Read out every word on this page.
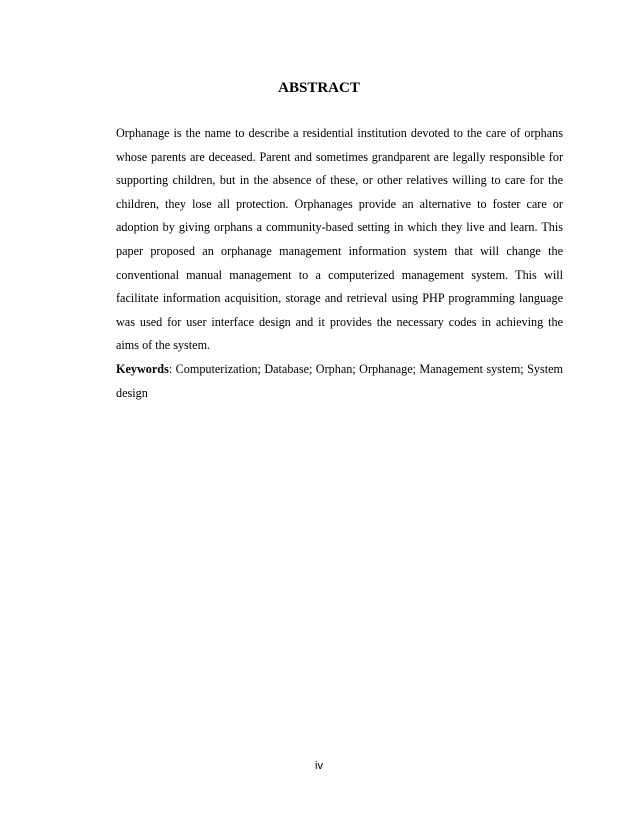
ABSTRACT

Orphanage is the name to describe a residential institution devoted to the care of orphans whose parents are deceased. Parent and sometimes grandparent are legally responsible for supporting children, but in the absence of these, or other relatives willing to care for the children, they lose all protection. Orphanages provide an alternative to foster care or adoption by giving orphans a community-based setting in which they live and learn. This paper proposed an orphanage management information system that will change the conventional manual management to a computerized management system. This will facilitate information acquisition, storage and retrieval using PHP programming language was used for user interface design and it provides the necessary codes in achieving the aims of the system.

Keywords: Computerization; Database; Orphan; Orphanage; Management system; System design

iv
